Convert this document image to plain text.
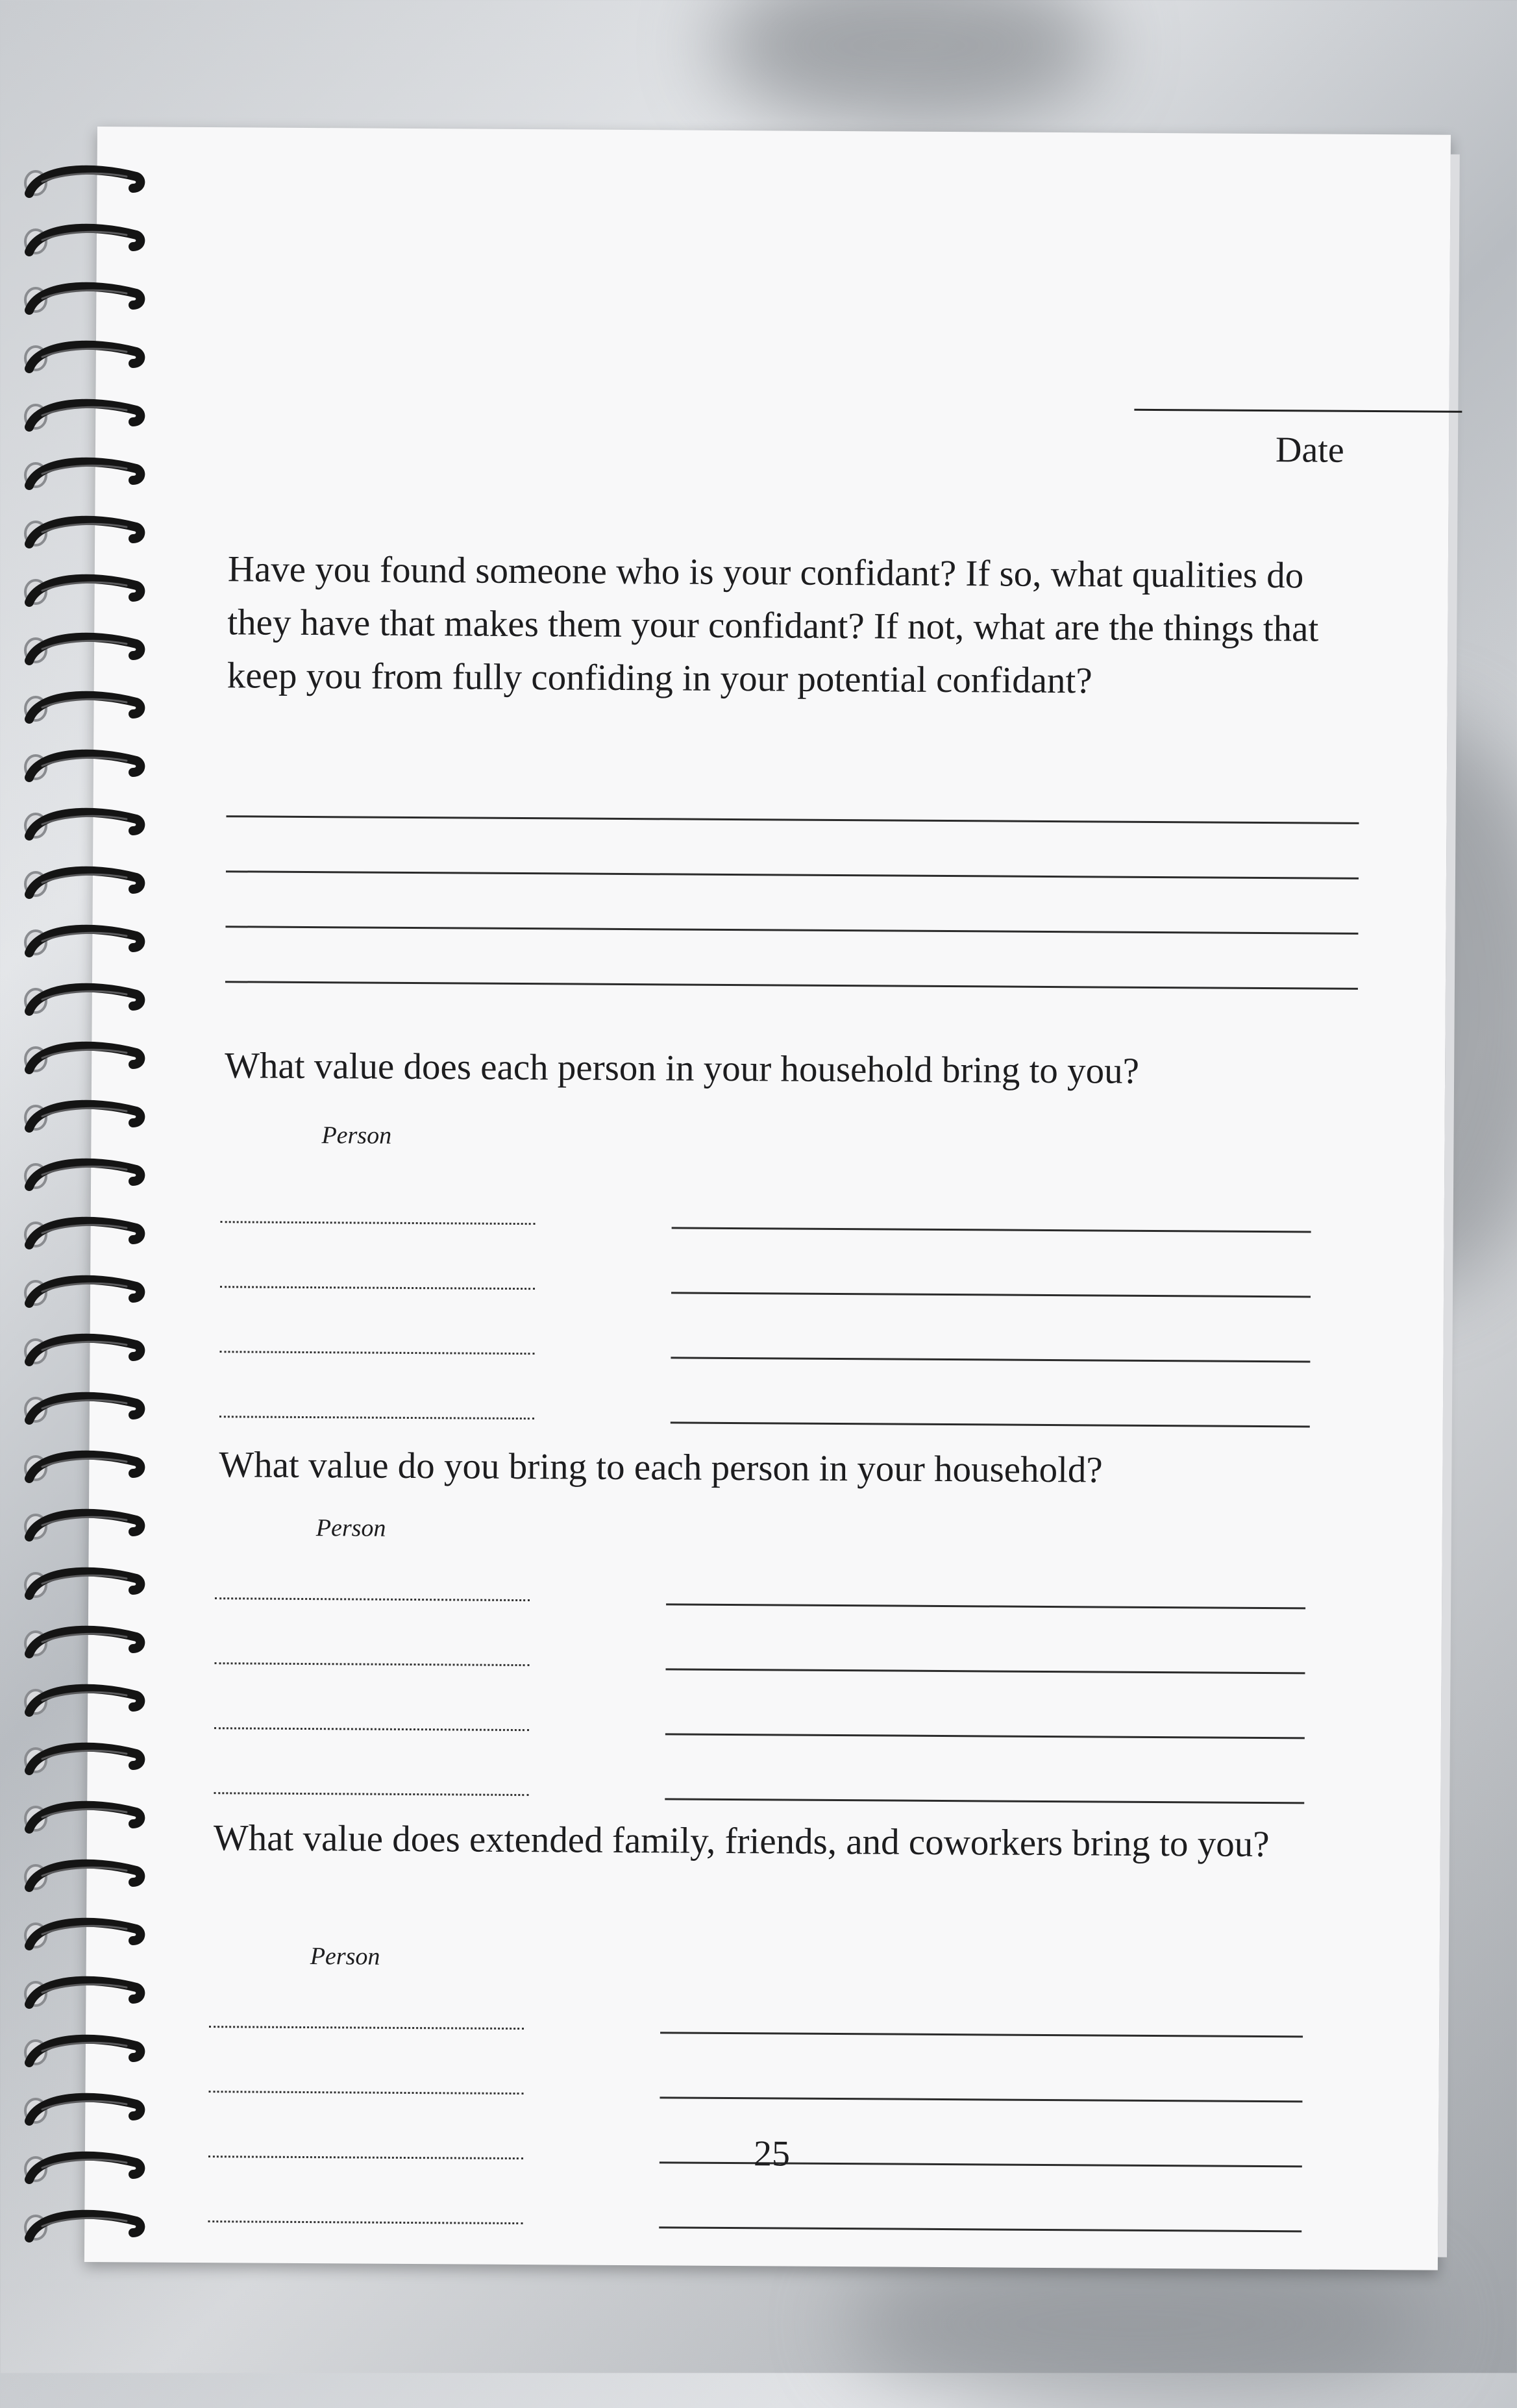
Date
Have you found someone who is your confidant? If so, what qualities do they have that makes them your confidant? If not, what are the things that keep you from fully confiding in your potential confidant?
What value does each person in your household bring to you?
Person
What value do you bring to each person in your household?
Person
What value does extended family, friends, and coworkers bring to you?
Person
25
